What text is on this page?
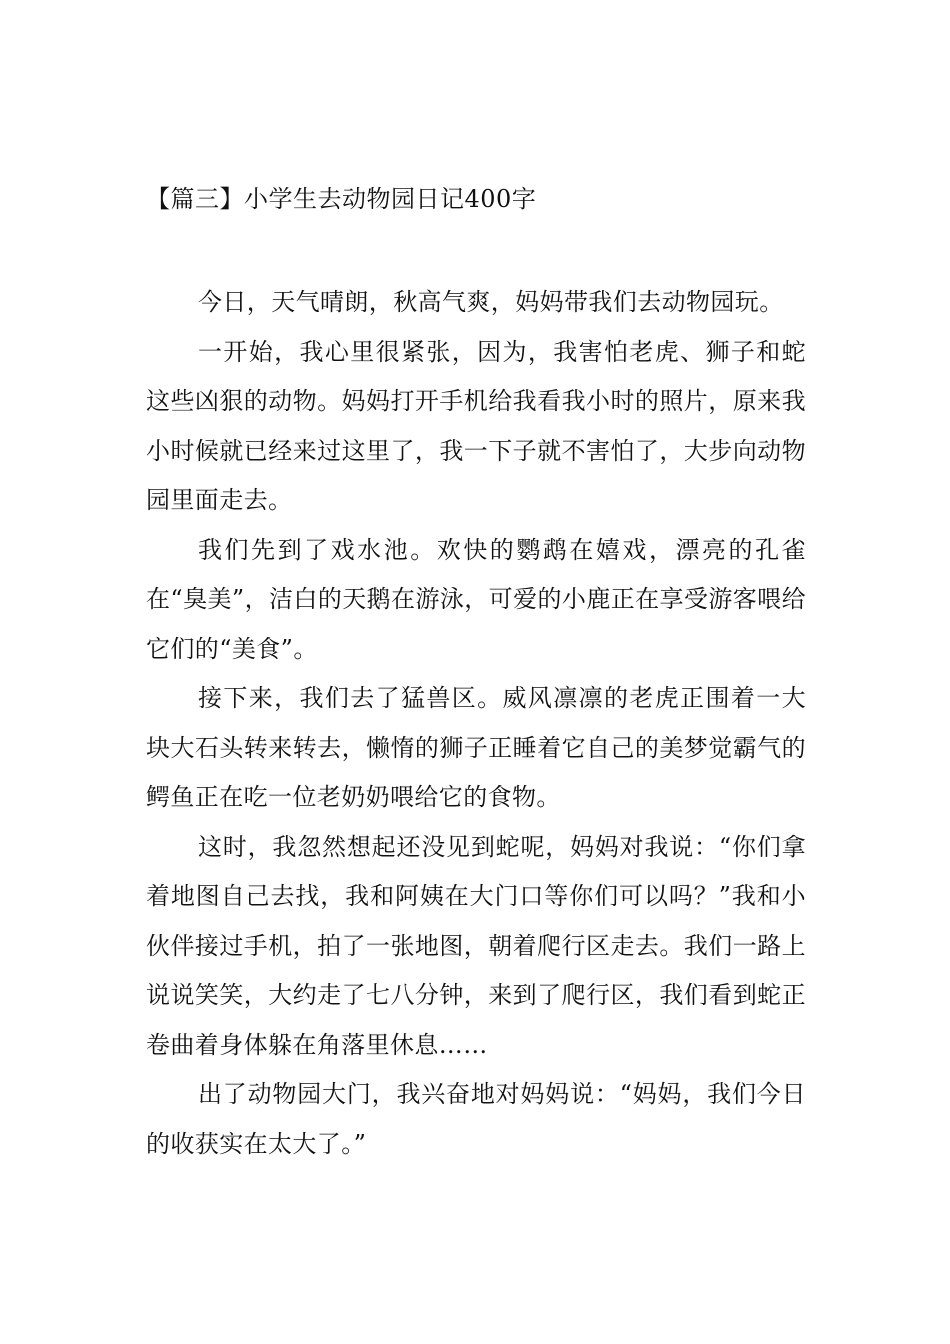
【篇三】小学生去动物园日记400字

今日，天气晴朗，秋高气爽，妈妈带我们去动物园玩。

一开始，我心里很紧张，因为，我害怕老虎、狮子和蛇这些凶狠的动物。妈妈打开手机给我看我小时的照片，原来我小时候就已经来过这里了，我一下子就不害怕了，大步向动物园里面走去。

我们先到了戏水池。欢快的鹦鹉在嬉戏，漂亮的孔雀在“臭美”，洁白的天鹅在游泳，可爱的小鹿正在享受游客喂给它们的“美食”。

接下来，我们去了猛兽区。威风凛凛的老虎正围着一大块大石头转来转去，懒惰的狮子正睡着它自己的美梦觉霸气的鳄鱼正在吃一位老奶奶喂给它的食物。

这时，我忽然想起还没见到蛇呢，妈妈对我说：“你们拿着地图自己去找，我和阿姨在大门口等你们可以吗？”我和小伙伴接过手机，拍了一张地图，朝着爬行区走去。我们一路上说说笑笑，大约走了七八分钟，来到了爬行区，我们看到蛇正卷曲着身体躲在角落里休息……

出了动物园大门，我兴奋地对妈妈说：“妈妈，我们今日的收获实在太大了。”
